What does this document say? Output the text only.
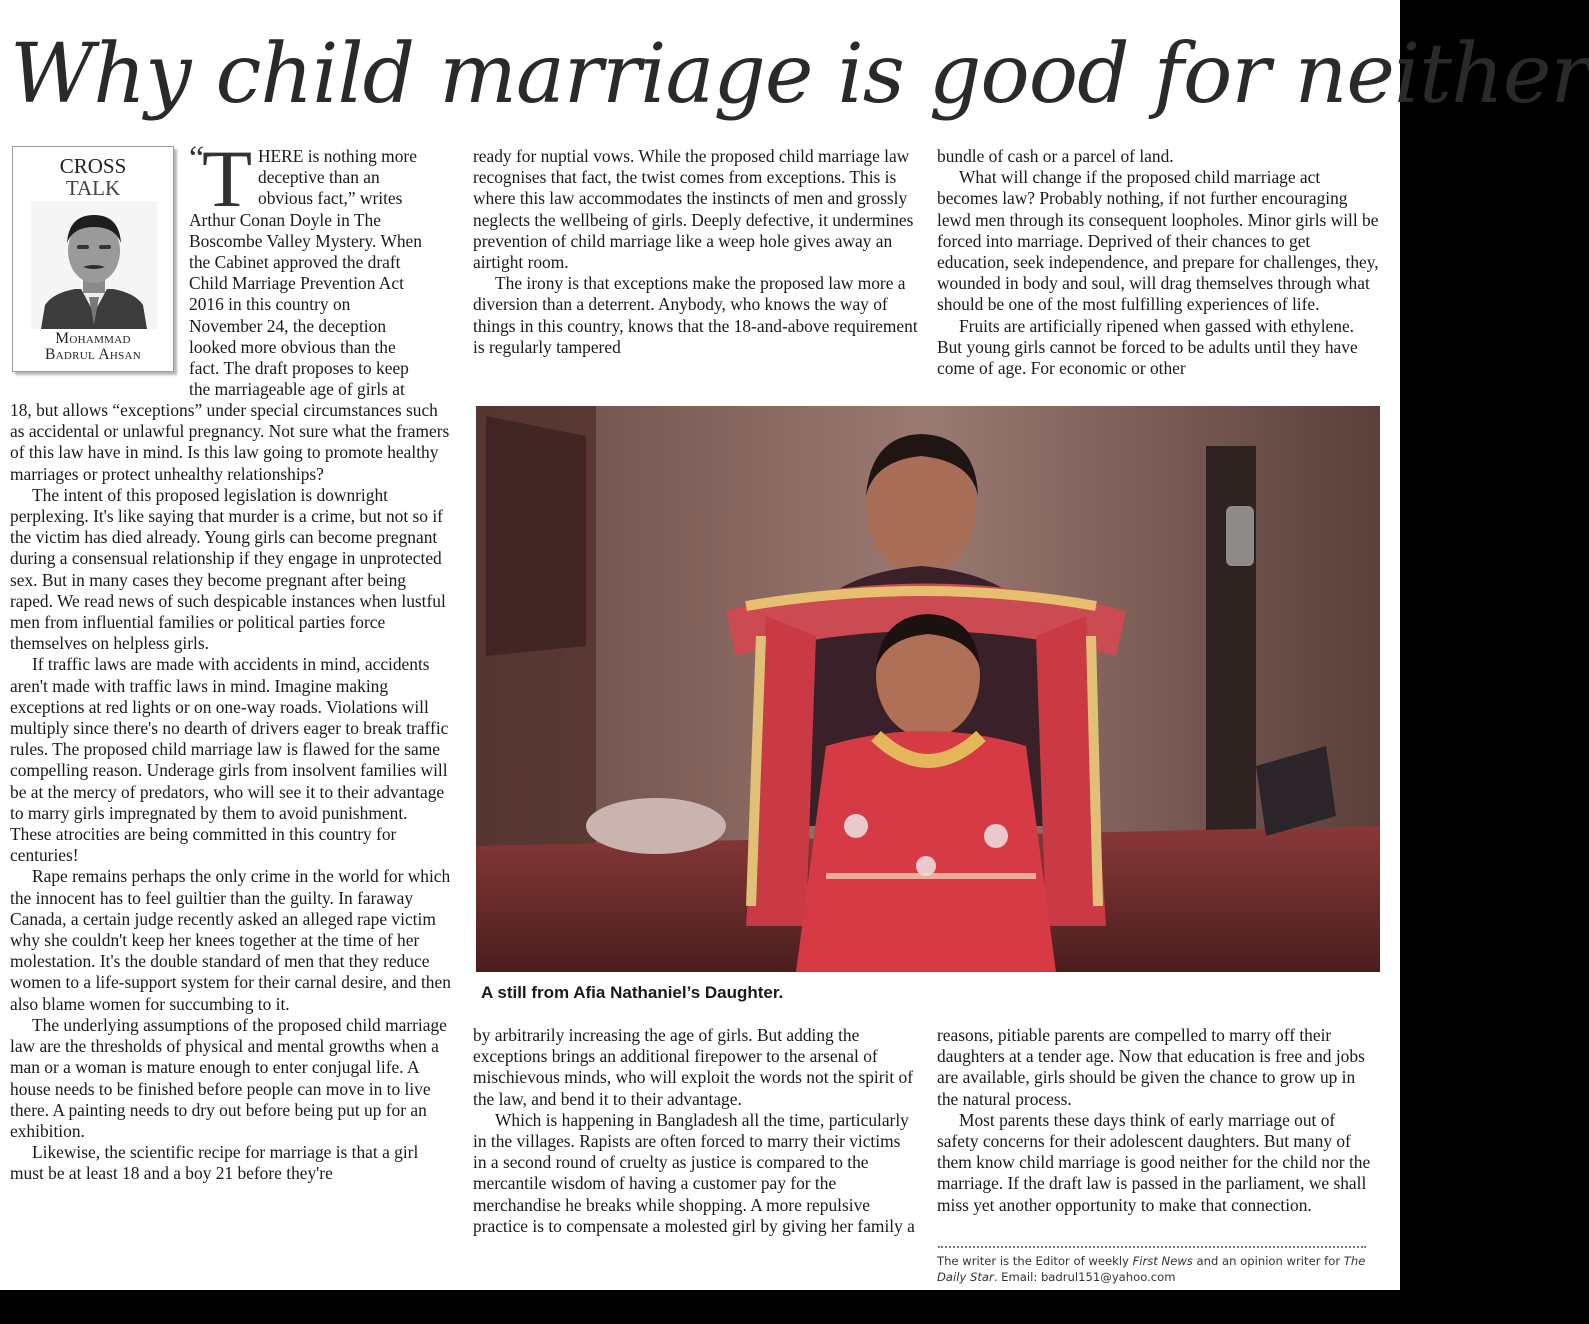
Why child marriage is good for neither
CROSS
TALK
Mohammad
Badrul Ahsan
“
T HERE is nothing more
deceptive than an
obvious fact,” writes
Arthur Conan Doyle in The
Boscombe Valley Mystery. When
the Cabinet approved the draft
Child Marriage Prevention Act
2016 in this country on
November 24, the deception
looked more obvious than the
fact. The draft proposes to keep
the marriageable age of girls at

18, but allows “exceptions” under special circumstances such as accidental or unlawful pregnancy. Not sure what the framers of this law have in mind. Is this law going to promote healthy marriages or protect unhealthy relationships?

The intent of this proposed legislation is downright perplexing. It's like saying that murder is a crime, but not so if the victim has died already. Young girls can become pregnant during a consensual relationship if they engage in unprotected sex. But in many cases they become pregnant after being raped. We read news of such despicable instances when lustful men from influential families or political parties force themselves on helpless girls.

If traffic laws are made with accidents in mind, accidents aren't made with traffic laws in mind. Imagine making exceptions at red lights or on one-way roads. Violations will multiply since there's no dearth of drivers eager to break traffic rules. The proposed child marriage law is flawed for the same compelling reason. Underage girls from insolvent families will be at the mercy of predators, who will see it to their advantage to marry girls impregnated by them to avoid punishment. These atrocities are being committed in this country for centuries!

Rape remains perhaps the only crime in the world for which the innocent has to feel guiltier than the guilty. In faraway Canada, a certain judge recently asked an alleged rape victim why she couldn't keep her knees together at the time of her molestation. It's the double standard of men that they reduce women to a life-support system for their carnal desire, and then also blame women for succumbing to it.

The underlying assumptions of the proposed child marriage law are the thresholds of physical and mental growths when a man or a woman is mature enough to enter conjugal life. A house needs to be finished before people can move in to live there. A painting needs to dry out before being put up for an exhibition.

Likewise, the scientific recipe for marriage is that a girl must be at least 18 and a boy 21 before they're

ready for nuptial vows. While the proposed child marriage law recognises that fact, the twist comes from exceptions. This is where this law accommodates the instincts of men and grossly neglects the wellbeing of girls. Deeply defective, it undermines prevention of child marriage like a weep hole gives away an airtight room.

The irony is that exceptions make the proposed law more a diversion than a deterrent. Anybody, who knows the way of things in this country, knows that the 18-and-above requirement is regularly tampered

bundle of cash or a parcel of land.

What will change if the proposed child marriage act becomes law? Probably nothing, if not further encouraging lewd men through its consequent loopholes. Minor girls will be forced into marriage. Deprived of their chances to get education, seek independence, and prepare for challenges, they, wounded in body and soul, will drag themselves through what should be one of the most fulfilling experiences of life.

Fruits are artificially ripened when gassed with ethylene. But young girls cannot be forced to be adults until they have come of age. For economic or other

A still from Afia Nathaniel’s Daughter.

by arbitrarily increasing the age of girls. But adding the exceptions brings an additional firepower to the arsenal of mischievous minds, who will exploit the words not the spirit of the law, and bend it to their advantage.

Which is happening in Bangladesh all the time, particularly in the villages. Rapists are often forced to marry their victims in a second round of cruelty as justice is compared to the mercantile wisdom of having a customer pay for the merchandise he breaks while shopping. A more repulsive practice is to compensate a molested girl by giving her family a

reasons, pitiable parents are compelled to marry off their daughters at a tender age. Now that education is free and jobs are available, girls should be given the chance to grow up in the natural process.

Most parents these days think of early marriage out of safety concerns for their adolescent daughters. But many of them know child marriage is good neither for the child nor the marriage. If the draft law is passed in the parliament, we shall miss yet another opportunity to make that connection.

The writer is the Editor of weekly First News and an opinion writer for The Daily Star. Email: badrul151@yahoo.com
